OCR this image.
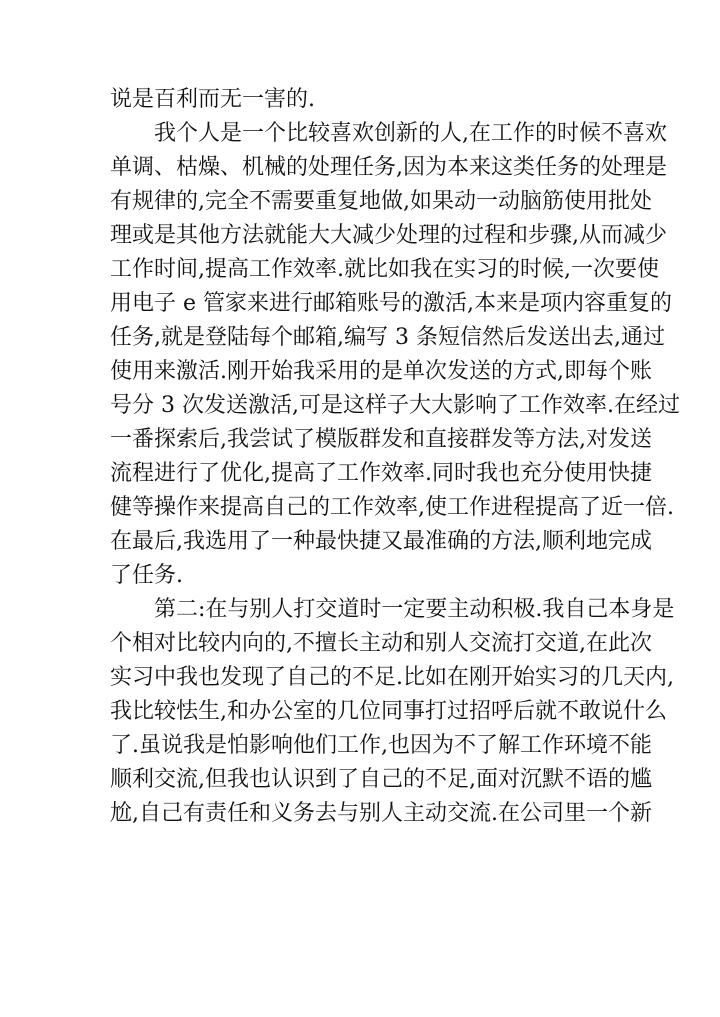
说是百利而无一害的.
我个人是一个比较喜欢创新的人,在工作的时候不喜欢
单调、枯燥、机械的处理任务,因为本来这类任务的处理是
有规律的,完全不需要重复地做,如果动一动脑筋使用批处
理或是其他方法就能大大减少处理的过程和步骤,从而减少
工作时间,提高工作效率.就比如我在实习的时候,一次要使
用电子 e 管家来进行邮箱账号的激活,本来是项内容重复的
任务,就是登陆每个邮箱,编写 3 条短信然后发送出去,通过
使用来激活.刚开始我采用的是单次发送的方式,即每个账
号分 3 次发送激活,可是这样子大大影响了工作效率.在经过
一番探索后,我尝试了模版群发和直接群发等方法,对发送
流程进行了优化,提高了工作效率.同时我也充分使用快捷
健等操作来提高自己的工作效率,使工作进程提高了近一倍.
在最后,我选用了一种最快捷又最准确的方法,顺利地完成
了任务.
第二:在与别人打交道时一定要主动积极.我自己本身是
个相对比较内向的,不擅长主动和别人交流打交道,在此次
实习中我也发现了自己的不足.比如在刚开始实习的几天内,
我比较怯生,和办公室的几位同事打过招呼后就不敢说什么
了.虽说我是怕影响他们工作,也因为不了解工作环境不能
顺利交流,但我也认识到了自己的不足,面对沉默不语的尴
尬,自己有责任和义务去与别人主动交流.在公司里一个新
